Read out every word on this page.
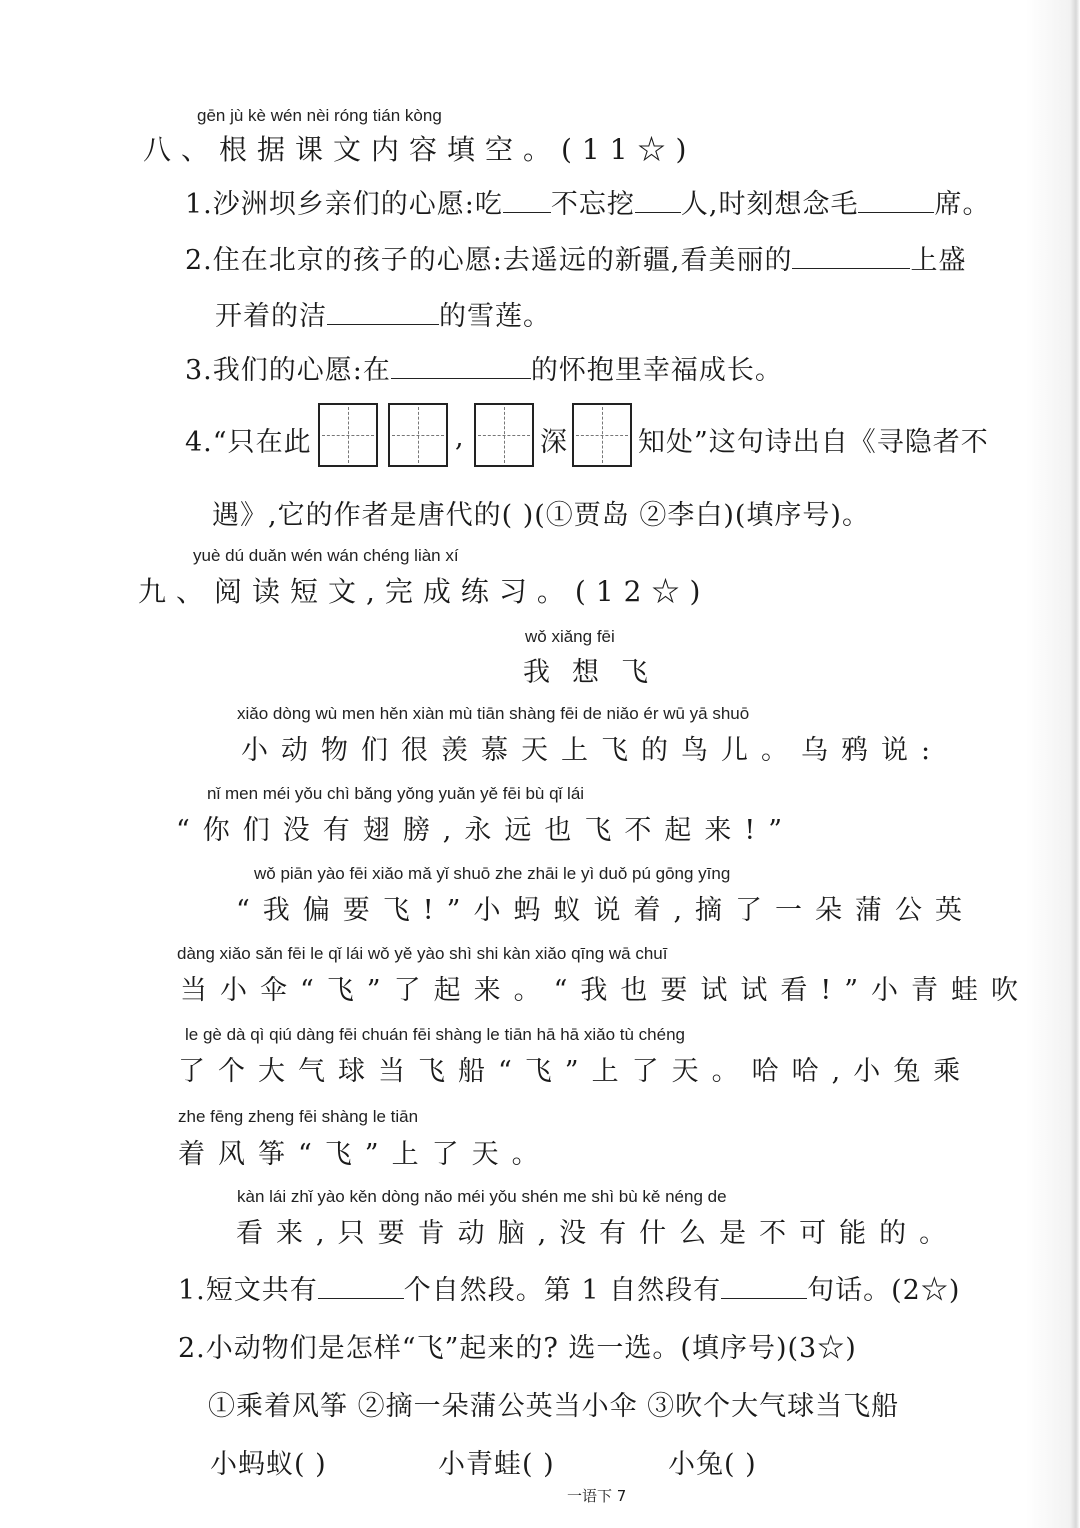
gēn jù kè wén nèi róng tián kòng
八、根据课文内容填空。(11☆)
1.沙洲坝乡亲们的心愿:吃 不忘挖 人,时刻想念毛	席。
2.住在北京的孩子的心愿:去遥远的新疆,看美丽的	上盛
开着的洁	的雪莲。
3.我们的心愿:在	的怀抱里幸福成长。
4.“只在此	,	深	知处”这句诗出自《寻隐者不
遇》,它的作者是唐代的( )(①贾岛 ②李白)(填序号)。
yuè dú duǎn wén wán chéng liàn xí
九、阅读短文,完成练习。(12☆)
wǒ xiǎng fēi
我想飞
xiǎo dòng wù men hěn xiàn mù tiān shàng fēi de niǎo ér wū yā shuō
小动物们很羡慕天上飞的鸟儿。乌鸦说:
nǐ men méi yǒu chì bǎng yǒng yuǎn yě fēi bù qǐ lái
“你们没有翅膀,永远也飞不起来!”
wǒ piān yào fēi xiǎo mǎ yǐ shuō zhe zhāi le yì duǒ pú gōng yīng
“我偏要飞!”小蚂蚁说着,摘了一朵蒲公英
dàng xiǎo sǎn fēi le qǐ lái wǒ yě yào shì shi kàn xiǎo qīng wā chuī
当小伞“飞”了起来。“我也要试试看!”小青蛙吹
le gè dà qì qiú dàng fēi chuán fēi shàng le tiān hā hā xiǎo tù chéng
了个大气球当飞船“飞”上了天。哈哈,小兔乘
zhe fēng zheng fēi shàng le tiān
着风筝“飞”上了天。
kàn lái zhǐ yào kěn dòng nǎo méi yǒu shén me shì bù kě néng de
看来,只要肯动脑,没有什么是不可能的。
1.短文共有	个自然段。第 1 自然段有	句话。(2☆)
2.小动物们是怎样“飞”起来的? 选一选。(填序号)(3☆)
①乘着风筝 ②摘一朵蒲公英当小伞 ③吹个大气球当飞船
小蚂蚁( )	小青蛙( )	小兔( )
一语下 7
